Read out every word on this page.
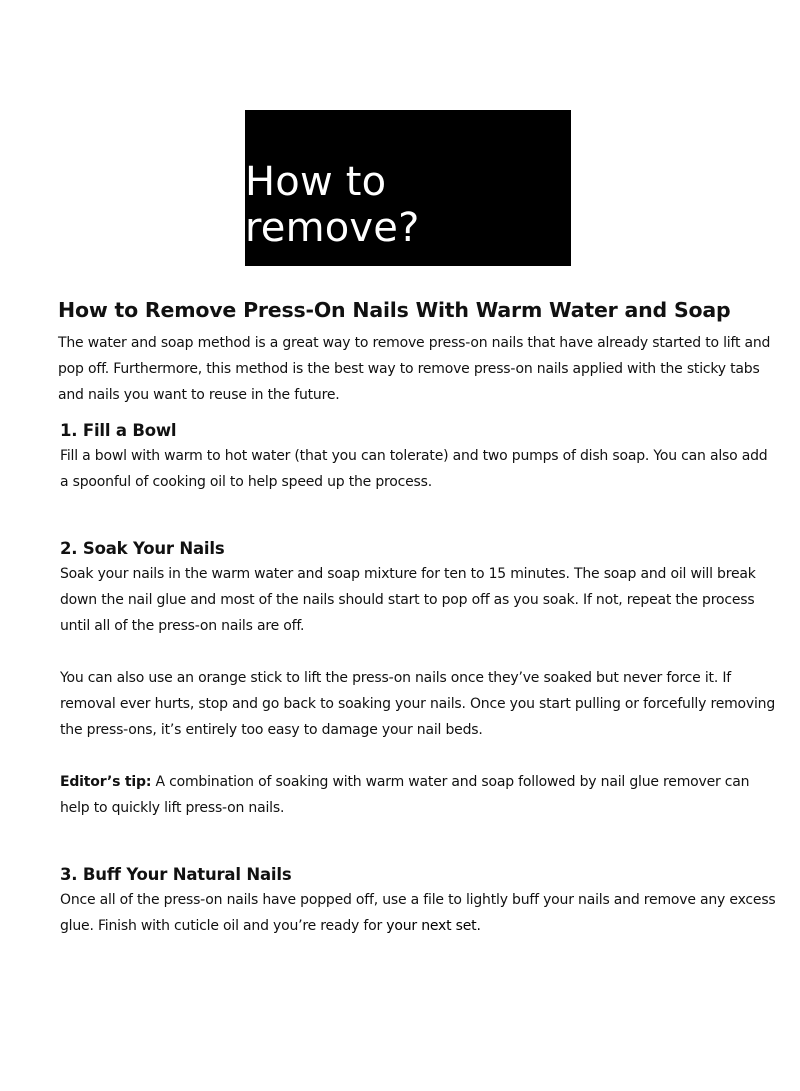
How to remove?
How to Remove Press-On Nails With Warm Water and Soap

The water and soap method is a great way to remove press-on nails that have already started to lift and pop off. Furthermore, this method is the best way to remove press-on nails applied with the sticky tabs and nails you want to reuse in the future.

1. Fill a Bowl

Fill a bowl with warm to hot water (that you can tolerate) and two pumps of dish soap. You can also add a spoonful of cooking oil to help speed up the process.

2. Soak Your Nails

Soak your nails in the warm water and soap mixture for ten to 15 minutes. The soap and oil will break down the nail glue and most of the nails should start to pop off as you soak. If not, repeat the process until all of the press-on nails are off.

You can also use an orange stick to lift the press-on nails once they’ve soaked but never force it. If removal ever hurts, stop and go back to soaking your nails. Once you start pulling or forcefully removing the press-ons, it’s entirely too easy to damage your nail beds.

Editor’s tip: A combination of soaking with warm water and soap followed by nail glue remover can help to quickly lift press-on nails.

3. Buff Your Natural Nails

Once all of the press-on nails have popped off, use a file to lightly buff your nails and remove any excess glue. Finish with cuticle oil and you’re ready for your next set.
